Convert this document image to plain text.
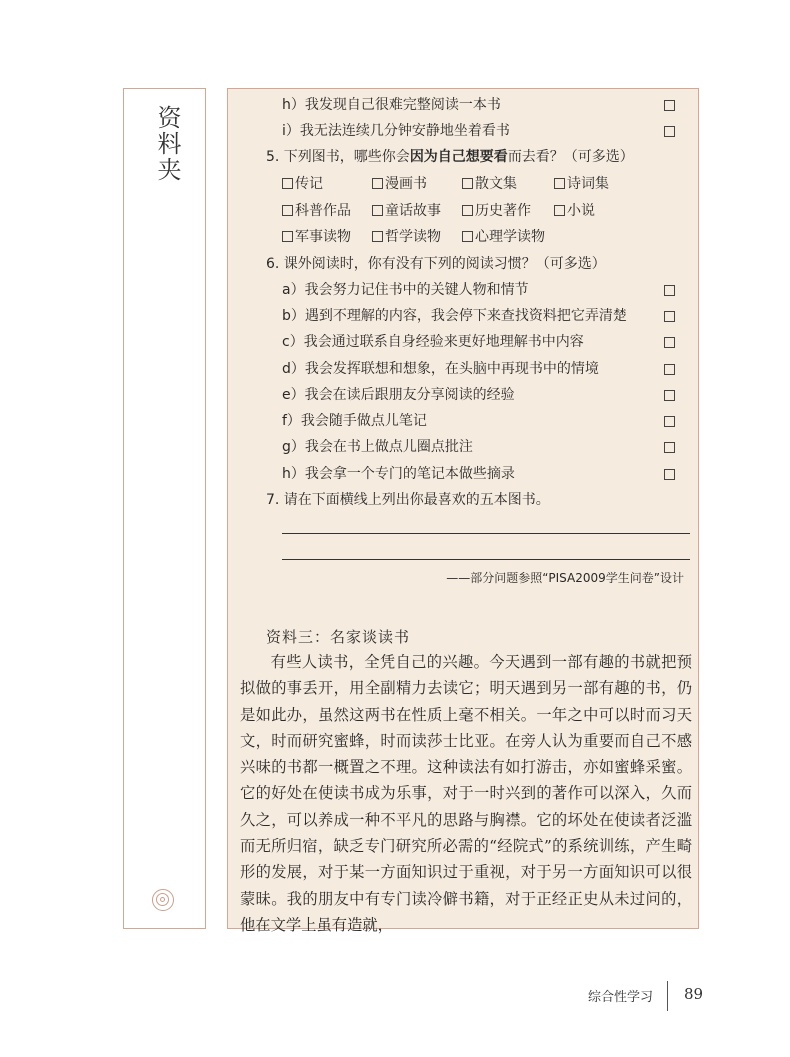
资料夹	h）我发现自己很难完整阅读一本书
i）我无法连续几分钟安静地坐着看书
5. 下列图书，哪些你会因为自己想要看而去看？（可多选）
传记	漫画书	散文集	诗词集
科普作品	童话故事	历史著作	小说
军事读物	哲学读物	心理学读物
6. 课外阅读时，你有没有下列的阅读习惯？（可多选）
a）我会努力记住书中的关键人物和情节
b）遇到不理解的内容，我会停下来查找资料把它弄清楚
c）我会通过联系自身经验来更好地理解书中内容
d）我会发挥联想和想象，在头脑中再现书中的情境
e）我会在读后跟朋友分享阅读的经验
f）我会随手做点儿笔记
g）我会在书上做点儿圈点批注
h）我会拿一个专门的笔记本做些摘录
7. 请在下面横线上列出你最喜欢的五本图书。
——部分问题参照“PISA2009学生问卷”设计
资料三：名家谈读书
有些人读书，全凭自己的兴趣。今天遇到一部有趣的书就把预拟做的事丢开，用全副精力去读它；明天遇到另一部有趣的书，仍是如此办，虽然这两书在性质上毫不相关。一年之中可以时而习天文，时而研究蜜蜂，时而读莎士比亚。在旁人认为重要而自己不感兴味的书都一概置之不理。这种读法有如打游击，亦如蜜蜂采蜜。它的好处在使读书成为乐事，对于一时兴到的著作可以深入，久而久之，可以养成一种不平凡的思路与胸襟。它的坏处在使读者泛滥而无所归宿，缺乏专门研究所必需的“经院式”的系统训练，产生畸形的发展，对于某一方面知识过于重视，对于另一方面知识可以很蒙昧。我的朋友中有专门读冷僻书籍，对于正经正史从未过问的，他在文学上虽有造就，
综合性学习 89
